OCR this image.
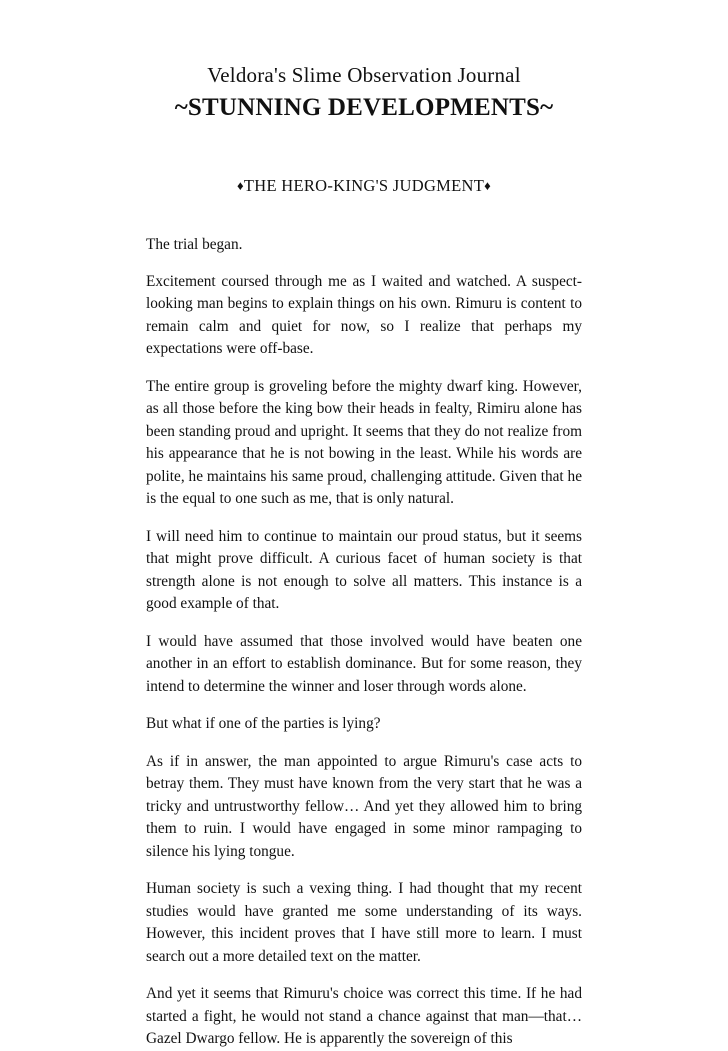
Veldora's Slime Observation Journal
~STUNNING DEVELOPMENTS~
♦THE HERO-KING'S JUDGMENT♦

The trial began.

Excitement coursed through me as I waited and watched. A suspect-looking man begins to explain things on his own. Rimuru is content to remain calm and quiet for now, so I realize that perhaps my expectations were off-base.

The entire group is groveling before the mighty dwarf king. However, as all those before the king bow their heads in fealty, Rimiru alone has been standing proud and upright. It seems that they do not realize from his appearance that he is not bowing in the least. While his words are polite, he maintains his same proud, challenging attitude. Given that he is the equal to one such as me, that is only natural.

I will need him to continue to maintain our proud status, but it seems that might prove difficult. A curious facet of human society is that strength alone is not enough to solve all matters. This instance is a good example of that.

I would have assumed that those involved would have beaten one another in an effort to establish dominance. But for some reason, they intend to determine the winner and loser through words alone.

But what if one of the parties is lying?

As if in answer, the man appointed to argue Rimuru's case acts to betray them. They must have known from the very start that he was a tricky and untrustworthy fellow… And yet they allowed him to bring them to ruin. I would have engaged in some minor rampaging to silence his lying tongue.

Human society is such a vexing thing. I had thought that my recent studies would have granted me some understanding of its ways. However, this incident proves that I have still more to learn. I must search out a more detailed text on the matter.

And yet it seems that Rimuru's choice was correct this time. If he had started a fight, he would not stand a chance against that man—that…Gazel Dwargo fellow. He is apparently the sovereign of this
